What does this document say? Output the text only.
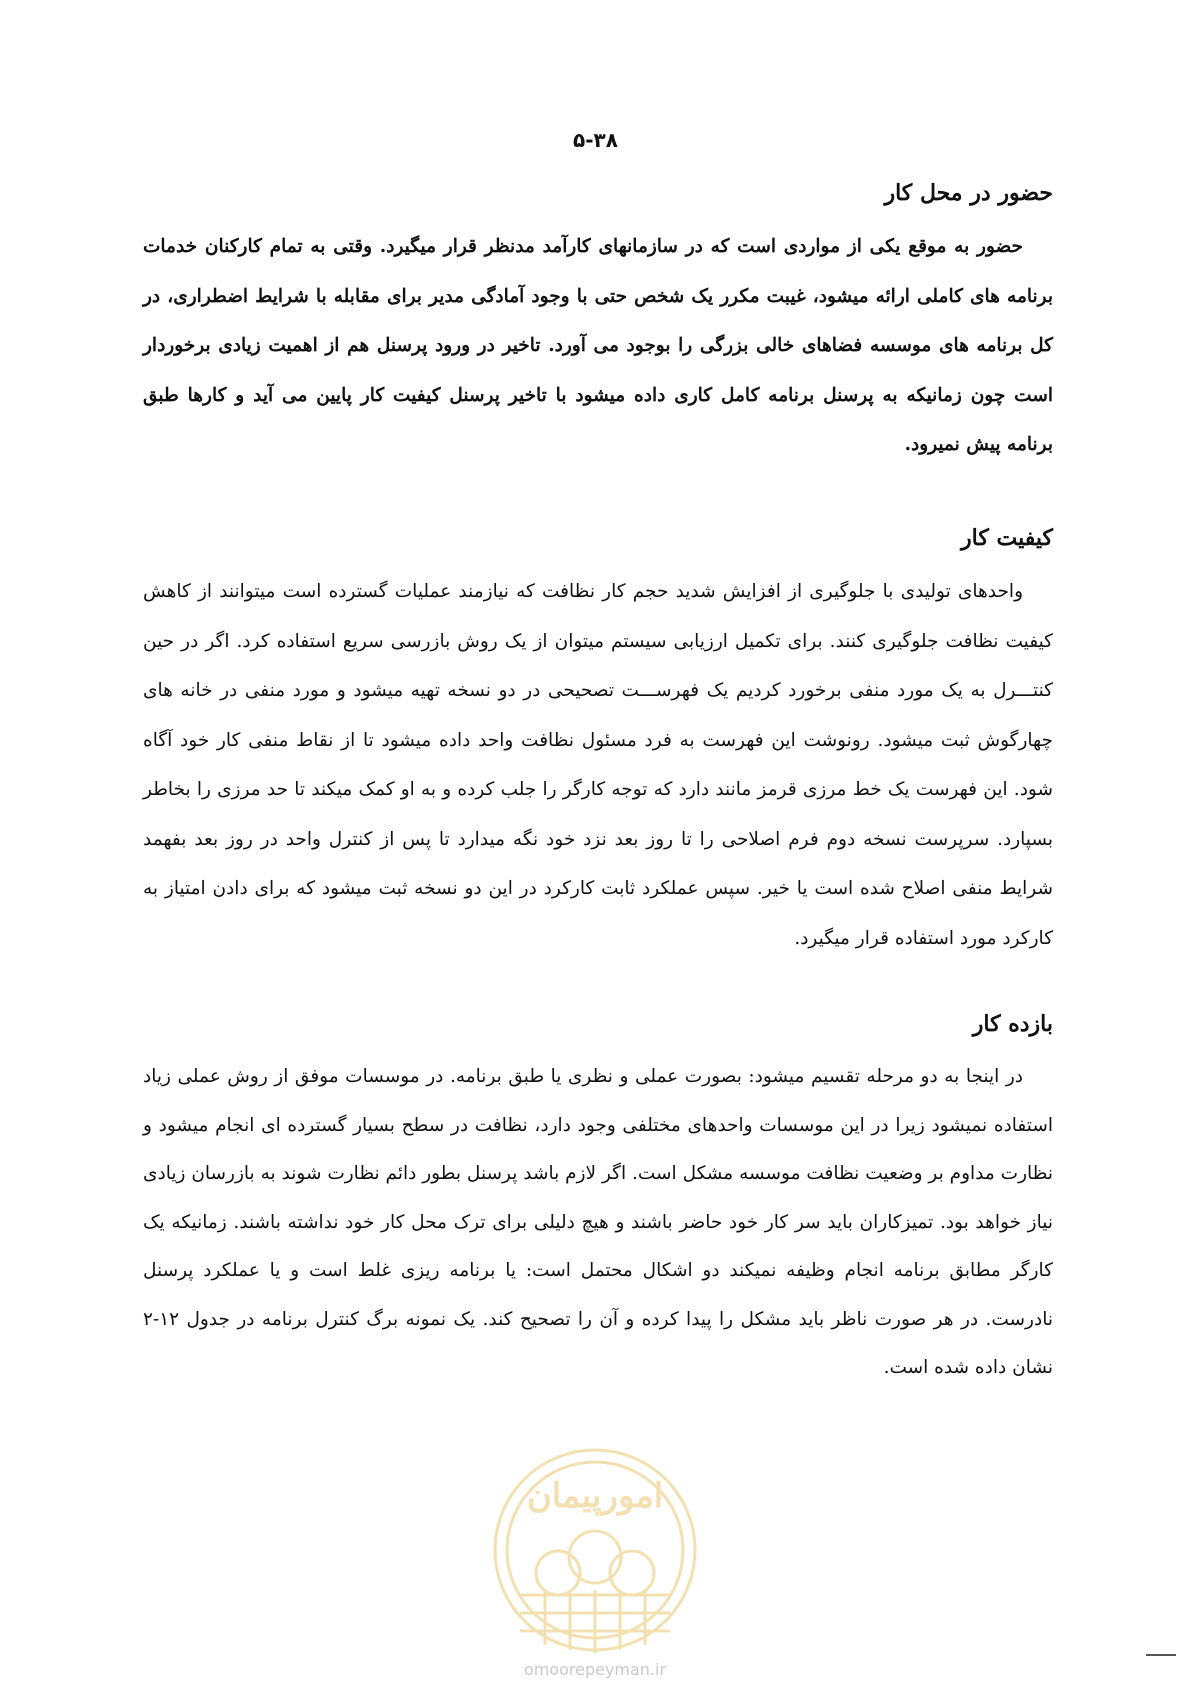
۵-۳۸
حضور در محل کار

حضور به موقع یکی از مواردی است که در سازمانهای کارآمد مدنظر قرار میگیرد. وقتی به تمام کارکنان خدمات برنامه های کاملی ارائه میشود، غیبت مکرر یک شخص حتی با وجود آمادگی مدیر برای مقابله با شرایط اضطراری، در کل برنامه های موسسه فضاهای خالی بزرگی را بوجود می آورد. تاخیر در ورود پرسنل هم از اهمیت زیادی برخوردار است چون زمانیکه به پرسنل برنامه کامل کاری داده میشود با تاخیر پرسنل کیفیت کار پایین می آید و کارها طبق برنامه پیش نمیرود.

کیفیت کار

واحدهای تولیدی با جلوگیری از افزایش شدید حجم کار نظافت که نیازمند عملیات گسترده است میتوانند از کاهش کیفیت نظافت جلوگیری کنند. برای تکمیل ارزیابی سیستم میتوان از یک روش بازرسی سریع استفاده کرد. اگر در حین کنتـــرل به یک مورد منفی برخورد کردیم یک فهرســـت تصحیحی در دو نسخه تهیه میشود و مورد منفی در خانه های چهارگوش ثبت میشود. رونوشت این فهرست به فرد مسئول نظافت واحد داده میشود تا از نقاط منفی کار خود آگاه شود. این فهرست یک خط مرزی قرمز مانند دارد که توجه کارگر را جلب کرده و به او کمک میکند تا حد مرزی را بخاطر بسپارد. سرپرست نسخه دوم فرم اصلاحی را تا روز بعد نزد خود نگه میدارد تا پس از کنترل واحد در روز بعد بفهمد شرایط منفی اصلاح شده است یا خیر. سپس عملکرد ثابت کارکرد در این دو نسخه ثبت میشود که برای دادن امتیاز به کارکرد مورد استفاده قرار میگیرد.

بازده کار

در اینجا به دو مرحله تقسیم میشود: بصورت عملی و نظری یا طبق برنامه. در موسسات موفق از روش عملی زیاد استفاده نمیشود زیرا در این موسسات واحدهای مختلفی وجود دارد، نظافت در سطح بسیار گسترده ای انجام میشود و نظارت مداوم بر وضعیت نظافت موسسه مشکل است. اگر لازم باشد پرسنل بطور دائم نظارت شوند به بازرسان زیادی نیاز خواهد بود. تمیزکاران باید سر کار خود حاضر باشند و هیچ دلیلی برای ترک محل کار خود نداشته باشند. زمانیکه یک کارگر مطابق برنامه انجام وظیفه نمیکند دو اشکال محتمل است: یا برنامه ریزی غلط است و یا عملکرد پرسنل نادرست. در هر صورت ناظر باید مشکل را پیدا کرده و آن را تصحیح کند. یک نمونه برگ کنترل برنامه در جدول ۱۲-۲ نشان داده شده است.

امورپیمان
omoorepeyman.ir
